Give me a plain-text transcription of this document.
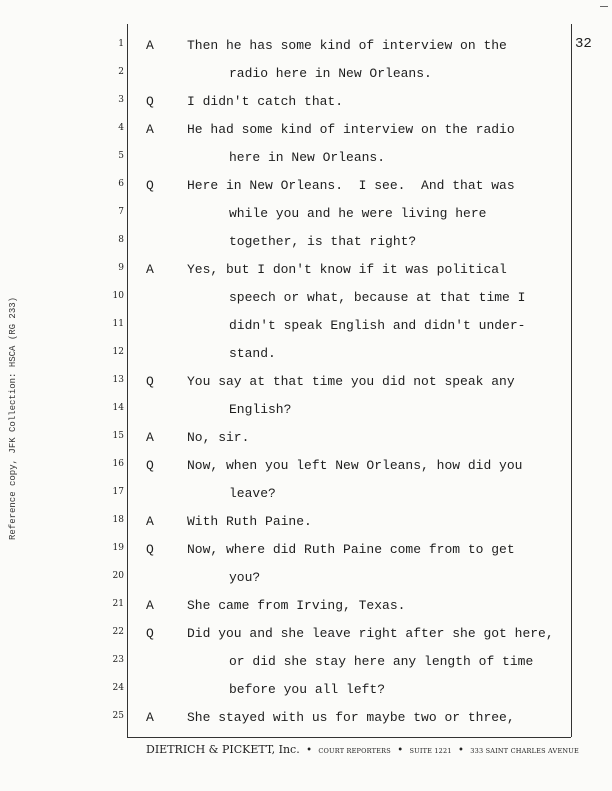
32
Reference copy, JFK Collection: HSCA (RG 233)
1 A	Then he has some kind of interview on the
2	radio here in New Orleans.
3 Q	I didn't catch that.
4 A	He had some kind of interview on the radio
5	here in New Orleans.
6 Q	Here in New Orleans.  I see.  And that was
7	while you and he were living here
8	together, is that right?
9 A	Yes, but I don't know if it was political
10	speech or what, because at that time I
11	didn't speak English and didn't under-
12	stand.
13 Q	You say at that time you did not speak any
14	English?
15 A	No, sir.
16 Q	Now, when you left New Orleans, how did you
17	leave?
18 A	With Ruth Paine.
19 Q	Now, where did Ruth Paine come from to get
20	you?
21 A	She came from Irving, Texas.
22 Q	Did you and she leave right after she got here,
23	or did she stay here any length of time
24	before you all left?
25 A	She stayed with us for maybe two or three,
DIETRICH & PICKETT, Inc. • COURT REPORTERS • SUITE 1221 • 333 SAINT CHARLES AVENUE
